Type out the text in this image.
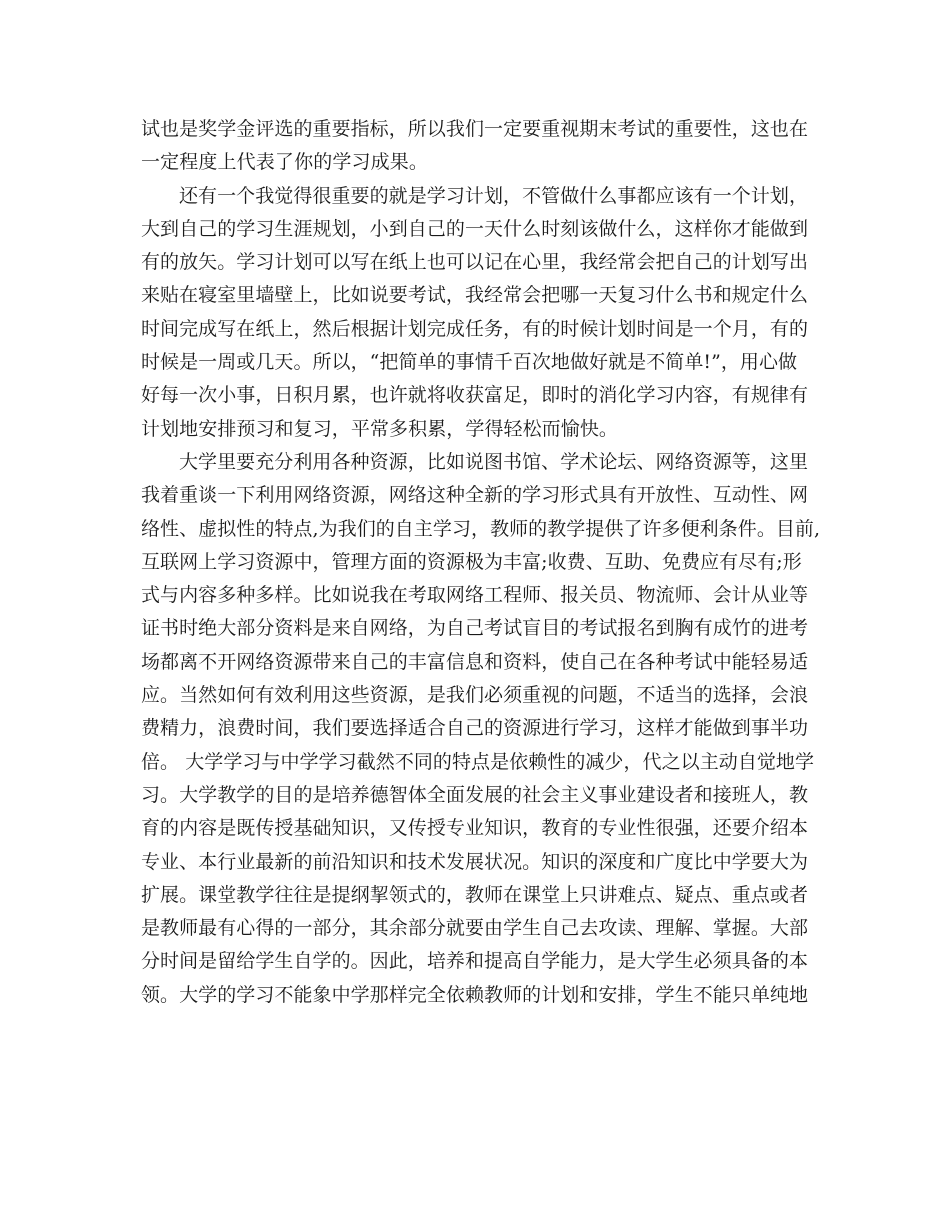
试也是奖学金评选的重要指标，所以我们一定要重视期末考试的重要性，这也在
一定程度上代表了你的学习成果。
还有一个我觉得很重要的就是学习计划，不管做什么事都应该有一个计划，
大到自己的学习生涯规划，小到自己的一天什么时刻该做什么，这样你才能做到
有的放矢。学习计划可以写在纸上也可以记在心里，我经常会把自己的计划写出
来贴在寝室里墙壁上，比如说要考试，我经常会把哪一天复习什么书和规定什么
时间完成写在纸上，然后根据计划完成任务，有的时候计划时间是一个月，有的
时候是一周或几天。所以，“把简单的事情千百次地做好就是不简单!”，用心做
好每一次小事，日积月累，也许就将收获富足，即时的消化学习内容，有规律有
计划地安排预习和复习，平常多积累，学得轻松而愉快。
大学里要充分利用各种资源，比如说图书馆、学术论坛、网络资源等，这里
我着重谈一下利用网络资源，网络这种全新的学习形式具有开放性、互动性、网
络性、虚拟性的特点,为我们的自主学习，教师的教学提供了许多便利条件。目前,
互联网上学习资源中，管理方面的资源极为丰富;收费、互助、免费应有尽有;形
式与内容多种多样。比如说我在考取网络工程师、报关员、物流师、会计从业等
证书时绝大部分资料是来自网络，为自己考试盲目的考试报名到胸有成竹的进考
场都离不开网络资源带来自己的丰富信息和资料，使自己在各种考试中能轻易适
应。当然如何有效利用这些资源，是我们必须重视的问题，不适当的选择，会浪
费精力，浪费时间，我们要选择适合自己的资源进行学习，这样才能做到事半功
倍。 大学学习与中学学习截然不同的特点是依赖性的减少，代之以主动自觉地学
习。大学教学的目的是培养德智体全面发展的社会主义事业建设者和接班人，教
育的内容是既传授基础知识，又传授专业知识，教育的专业性很强，还要介绍本
专业、本行业最新的前沿知识和技术发展状况。知识的深度和广度比中学要大为
扩展。课堂教学往往是提纲挈领式的，教师在课堂上只讲难点、疑点、重点或者
是教师最有心得的一部分，其余部分就要由学生自己去攻读、理解、掌握。大部
分时间是留给学生自学的。因此，培养和提高自学能力，是大学生必须具备的本
领。大学的学习不能象中学那样完全依赖教师的计划和安排，学生不能只单纯地
